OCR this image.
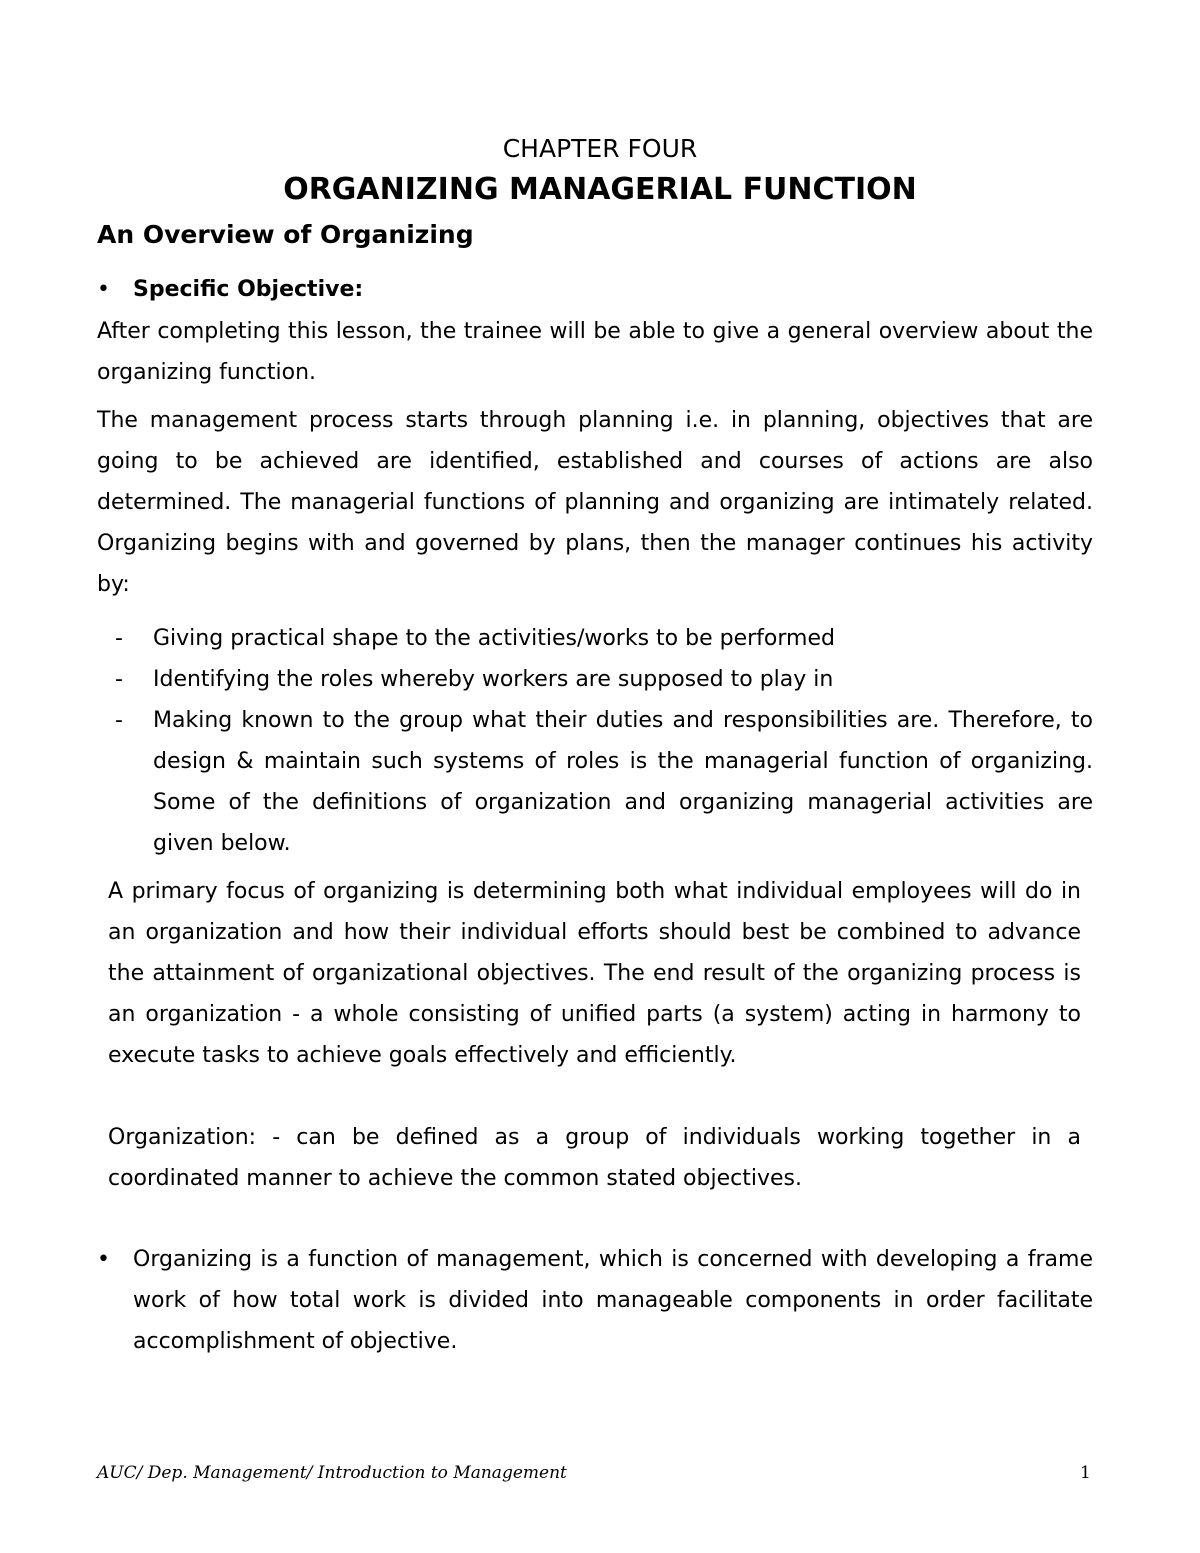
CHAPTER FOUR
ORGANIZING MANAGERIAL FUNCTION
An Overview of Organizing
•	Specific Objective:

After completing this lesson, the trainee will be able to give a general overview about the organizing function.

The management process starts through planning i.e. in planning, objectives that are going to be achieved are identified, established and courses of actions are also determined. The managerial functions of planning and organizing are intimately related. Organizing begins with and governed by plans, then the manager continues his activity by:

- Giving practical shape to the activities/works to be performed
- Identifying the roles whereby workers are supposed to play in
- Making known to the group what their duties and responsibilities are. Therefore, to design & maintain such systems of roles is the managerial function of organizing. Some of the definitions of organization and organizing managerial activities are given below.

A primary focus of organizing is determining both what individual employees will do in an organization and how their individual efforts should best be combined to advance the attainment of organizational objectives. The end result of the organizing process is an organization - a whole consisting of unified parts (a system) acting in harmony to execute tasks to achieve goals effectively and efficiently.

Organization: - can be defined as a group of individuals working together in a coordinated manner to achieve the common stated objectives.

• Organizing is a function of management, which is concerned with developing a frame work of how total work is divided into manageable components in order facilitate accomplishment of objective.
AUC/ Dep. Management/ Introduction to Management	1
